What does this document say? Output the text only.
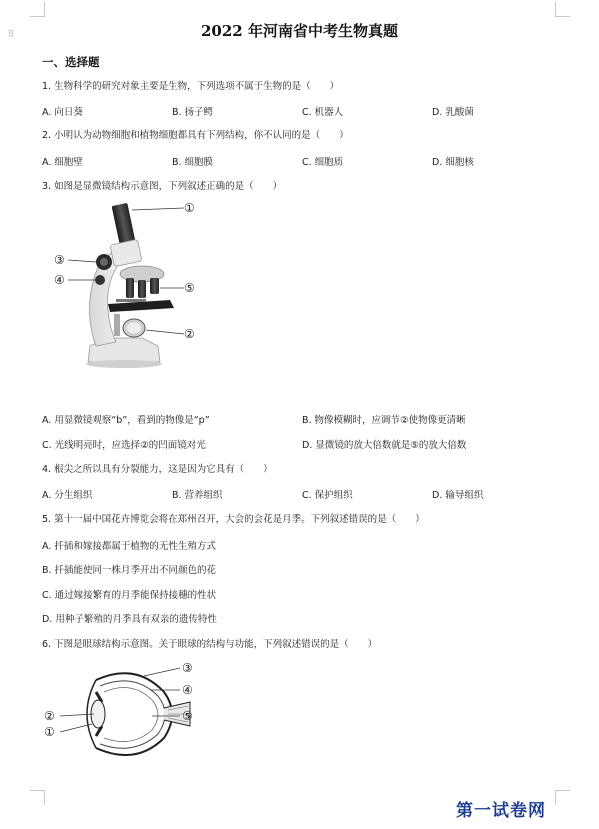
⁝⁝	2022 年河南省中考生物真题
一、选择题
1. 生物科学的研究对象主要是生物，下列选项不属于生物的是（　　）
A. 向日葵	B. 扬子鳄	C. 机器人	D. 乳酸菌
2. 小明认为动物细胞和植物细胞都具有下列结构，你不认同的是（　　）
A. 细胞壁	B. 细胞膜	C. 细胞质	D. 细胞核
3. 如图是显微镜结构示意图，下列叙述正确的是（　　）
①
②
③
④
⑤
A. 用显微镜观察“b”，看到的物像是“p”	B. 物像模糊时，应调节②使物像更清晰
C. 光线明亮时，应选择②的凹面镜对光	D. 显微镜的放大倍数就是⑤的放大倍数
4. 根尖之所以具有分裂能力，这是因为它具有（　　）
A. 分生组织	B. 营养组织	C. 保护组织	D. 输导组织
5. 第十一届中国花卉博览会将在郑州召开，大会的会花是月季。下列叙述错误的是（　　）
A. 扦插和嫁接都属于植物的无性生殖方式
B. 扦插能使同一株月季开出不同颜色的花
C. 通过嫁接繁育的月季能保持接穗的性状
D. 用种子繁殖的月季具有双亲的遗传特性
6. 下图是眼球结构示意图。关于眼球的结构与功能，下列叙述错误的是（　　）
①
②
③
④
⑤
第一试卷网
